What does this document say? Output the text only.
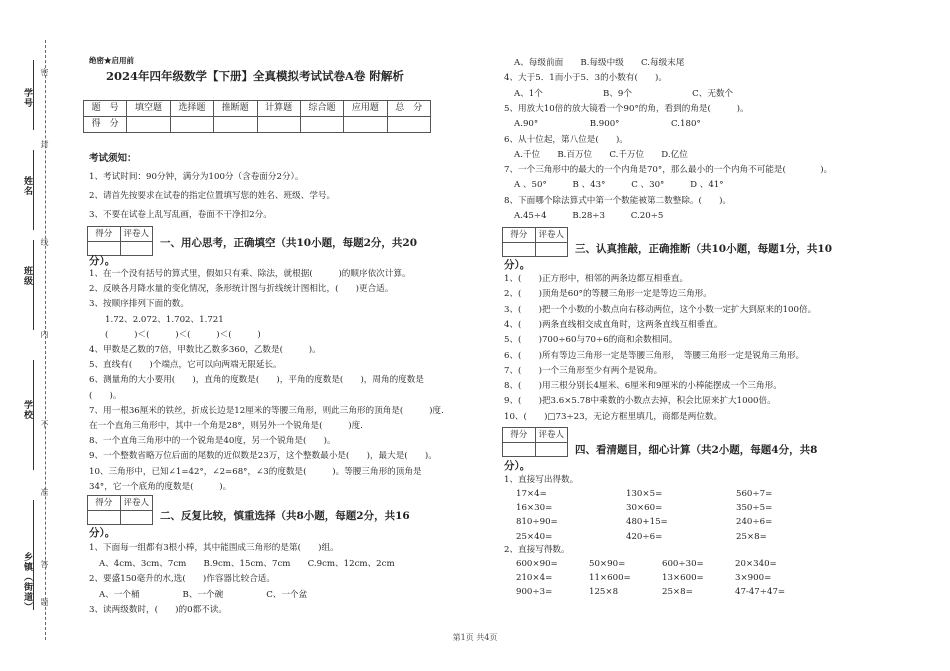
学号
姓名
班级
学校
乡镇（街道）
密
封
线
内
不
准
答
题
绝密★启用前
2024年四年级数学【下册】全真模拟考试试卷A卷 附解析
题　号	填空题	选择题	推断题	计算题	综合题	应用题	总　分
得　分							
考试须知：
1、考试时间：90分钟，满分为100分（含卷面分2分）。
2、请首先按要求在试卷的指定位置填写您的姓名、班级、学号。
3、不要在试卷上乱写乱画，卷面不干净扣2分。
得分	评卷人
一、用心思考，正确填空（共10小题，每题2分，共20
分）。
1、在一个没有括号的算式里，假如只有乘、除法，就根据(　　　)的顺序依次计算。
2、反映各月降水量的变化情况，条形统计图与折线统计图相比，(　　)更合适。
3、按顺序排列下面的数。
1.72、2.072、1.702、1.721
(　　　)＜(　　　)＜(　　　)＜(　　　)
4、甲数是乙数的7倍，甲数比乙数多360，乙数是(　　　)。
5、直线有(　　)个端点，它可以向两端无限延长。
6、测量角的大小要用(　　)，直角的度数是(　　)，平角的度数是(　　)，周角的度数是
(　　)。
7、用一根36厘米的铁丝，折成长边是12厘米的等腰三角形，则此三角形的顶角是(　　　)度.
在一个直角三角形中，其中一个角是28°，则另外一个锐角是(　　　)度.
8、一个直角三角形中的一个锐角是40度，另一个锐角是(　　)。
9、一个整数省略万位后面的尾数的近似数是23万，这个整数最小是(　　)，最大是(　　)。
10、三角形中，已知∠1=42°，∠2=68°，∠3的度数是(　　　)。等腰三角形的顶角是
34°，它一个底角的度数是(　　　)。
得分	评卷人
二、反复比较，慎重选择（共8小题，每题2分，共16
分）。
1、下面每一组都有3根小棒，其中能围成三角形的是第(　　)组。
A、4cm、3cm、7cm　　B.9cm、15cm、7cm　　C.9cm、12cm、2cm
2、要盛150毫升的水,选(　　)作容器比较合适。
A、一个桶　　　　　B、一个碗　　　　　C、一个盆
3、读两级数时，(　　)的0都不读。
A、每级前面　　B.每级中级　　C.每级末尾
4、大于5．1而小于5．3的小数有(　　)。
A、1个　　　　　　　B、9个　　　　　　　C、无数个
5、用放大10倍的放大镜看一个90°的角，看到的角是(　　　)。
A.90°　　　　　　B.900°　　　　　　C.180°
6、从十位起，第八位是(　　)。
A.千位　　B.百万位　　C.千万位　　D.亿位
7、一个三角形中的最大的一个内角是70°，那么最小的一个内角不可能是(　　　　)。
A 、50°　　　B 、43°　　　C 、30°　　　D 、41°
8、下面哪个除法算式中第一个数能被第二数整除。(　　)。
A.45÷4　　　B.28÷3　　　C.20÷5
得分	评卷人
三、认真推敲，正确推断（共10小题，每题1分，共10
分）。
1、(　　)正方形中，相邻的两条边都互相垂直。
2、(　　)顶角是60°的等腰三角形一定是等边三角形。
3、(　　)把一个小数的小数点向右移动两位，这个小数一定扩大到原来的100倍。
4、(　　)两条直线相交成直角时，这两条直线互相垂直。
5、(　　)700÷60与70÷6的商和余数相同。
6、(　　)所有等边三角形一定是等腰三角形，　等腰三角形一定是锐角三角形。
7、(　　)一个三角形至少有两个是锐角。
8、(　　)用三根分别长4厘米、6厘米和9厘米的小棒能摆成一个三角形。
9、(　　)把3.6×5.78中乘数的小数点去掉，积会比原来扩大1000倍。
10、(　　)□73÷23，无论方框里填几，商都是两位数。
得分	评卷人
四、看清题目，细心计算（共2小题，每题4分，共8
分）。
1、直接写出得数。
17×4=	130×5=	560÷7=
16×30=	30×60=	350÷5=
810÷90=	480+15=	240÷6=
25×40=	420÷6=	25×8=
2、直接写得数。
600×90=	50×90=	600÷30=	20×340=
210×4=	11×600=	13×600=	3×900=
900÷3=	125×8	25×8=	47-47÷47=
第1页 共4页
